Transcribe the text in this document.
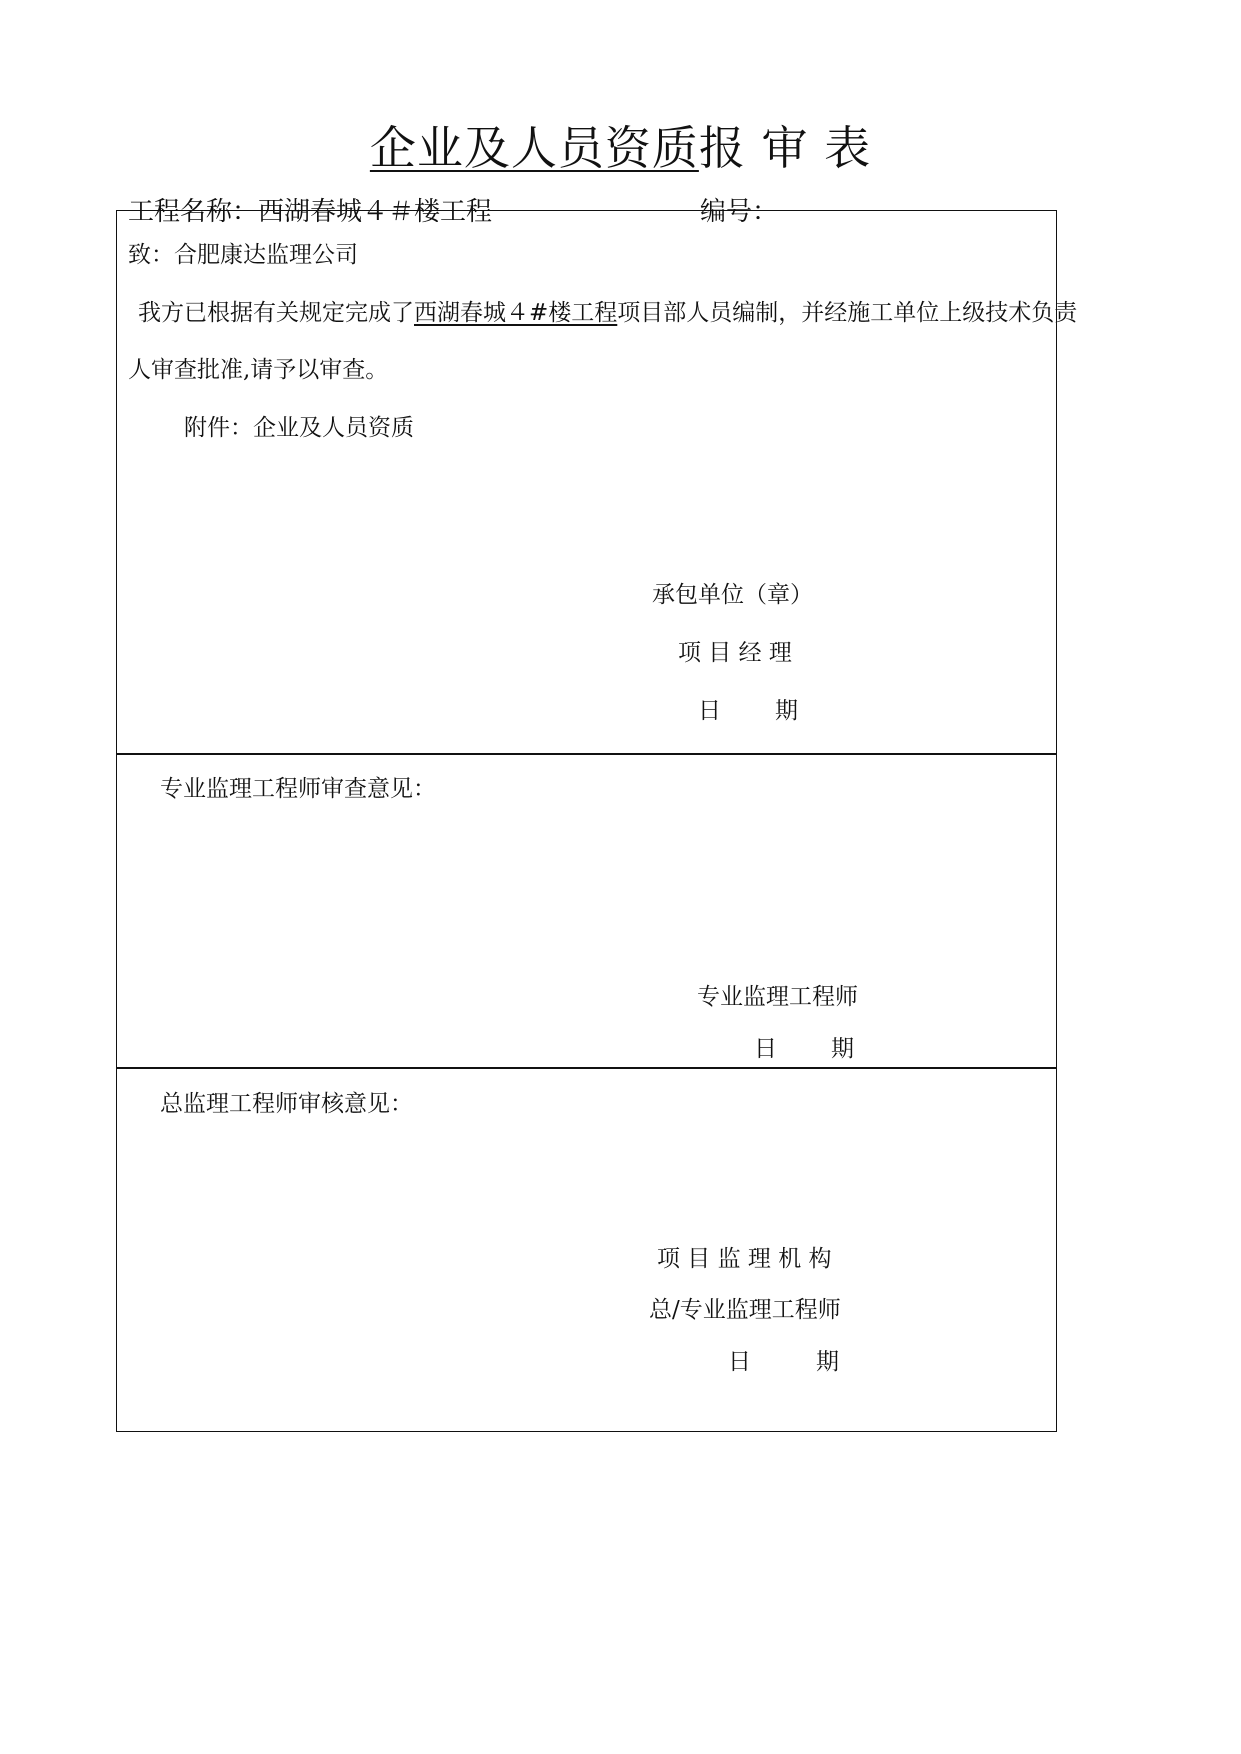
企业及人员资质报 审 表
工程名称：西湖春城４＃楼工程	编号：
致：合肥康达监理公司
我方已根据有关规定完成了西湖春城４#楼工程项目部人员编制，并经施工单位上级技术负责
人审查批准,请予以审查。
附件：企业及人员资质
承包单位（章）
项 目 经 理
日 期
专业监理工程师审查意见：
专业监理工程师
日 期
总监理工程师审核意见：
项 目 监 理 机 构
总/专业监理工程师
日	期
